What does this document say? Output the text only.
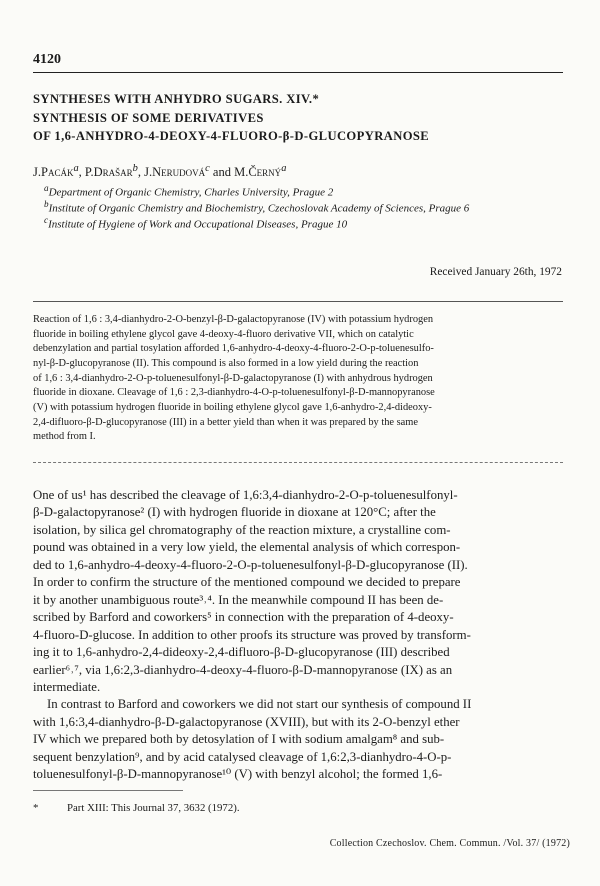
4120
SYNTHESES WITH ANHYDRO SUGARS. XIV.*
SYNTHESIS OF SOME DERIVATIVES
OF 1,6-ANHYDRO-4-DEOXY-4-FLUORO-β-D-GLUCOPYRANOSE
J.Pacák$^a$, P.Drašar$^b$, J.Nerudová$^c$ and M.Černý$^a$
$^a$Department of Organic Chemistry, Charles University, Prague 2
$^b$Institute of Organic Chemistry and Biochemistry, Czechoslovak Academy of Sciences, Prague 6
$^c$Institute of Hygiene of Work and Occupational Diseases, Prague 10
Received January 26th, 1972
Reaction of 1,6 : 3,4-dianhydro-2-O-benzyl-β-D-galactopyranose (IV) with potassium hydrogen
fluoride in boiling ethylene glycol gave 4-deoxy-4-fluoro derivative VII, which on catalytic
debenzylation and partial tosylation afforded 1,6-anhydro-4-deoxy-4-fluoro-2-O-p-toluenesulfo-
nyl-β-D-glucopyranose (II). This compound is also formed in a low yield during the reaction
of 1,6 : 3,4-dianhydro-2-O-p-toluenesulfonyl-β-D-galactopyranose (I) with anhydrous hydrogen
fluoride in dioxane. Cleavage of 1,6 : 2,3-dianhydro-4-O-p-toluenesulfonyl-β-D-mannopyranose
(V) with potassium hydrogen fluoride in boiling ethylene glycol gave 1,6-anhydro-2,4-dideoxy-
2,4-difluoro-β-D-glucopyranose (III) in a better yield than when it was prepared by the same
method from I.
One of us¹ has described the cleavage of 1,6:3,4-dianhydro-2-O-p-toluenesulfonyl-
β-D-galactopyranose² (I) with hydrogen fluoride in dioxane at 120°C; after the
isolation, by silica gel chromatography of the reaction mixture, a crystalline com-
pound was obtained in a very low yield, the elemental analysis of which correspon-
ded to 1,6-anhydro-4-deoxy-4-fluoro-2-O-p-toluenesulfonyl-β-D-glucopyranose (II).
In order to confirm the structure of the mentioned compound we decided to prepare
it by another unambiguous route³˒⁴. In the meanwhile compound II has been de-
scribed by Barford and coworkers⁵ in connection with the preparation of 4-deoxy-
4-fluoro-D-glucose. In addition to other proofs its structure was proved by transform-
ing it to 1,6-anhydro-2,4-dideoxy-2,4-difluoro-β-D-glucopyranose (III) described
earlier⁶˒⁷, via 1,6:2,3-dianhydro-4-deoxy-4-fluoro-β-D-mannopyranose (IX) as an
intermediate.
In contrast to Barford and coworkers we did not start our synthesis of compound II
with 1,6:3,4-dianhydro-β-D-galactopyranose (XVIII), but with its 2-O-benzyl ether
IV which we prepared both by detosylation of I with sodium amalgam⁸ and sub-
sequent benzylation⁹, and by acid catalysed cleavage of 1,6:2,3-dianhydro-4-O-p-
toluenesulfonyl-β-D-mannopyranose¹⁰ (V) with benzyl alcohol; the formed 1,6-
*	Part XIII: This Journal 37, 3632 (1972).
Collection Czechoslov. Chem. Commun. /Vol. 37/ (1972)
